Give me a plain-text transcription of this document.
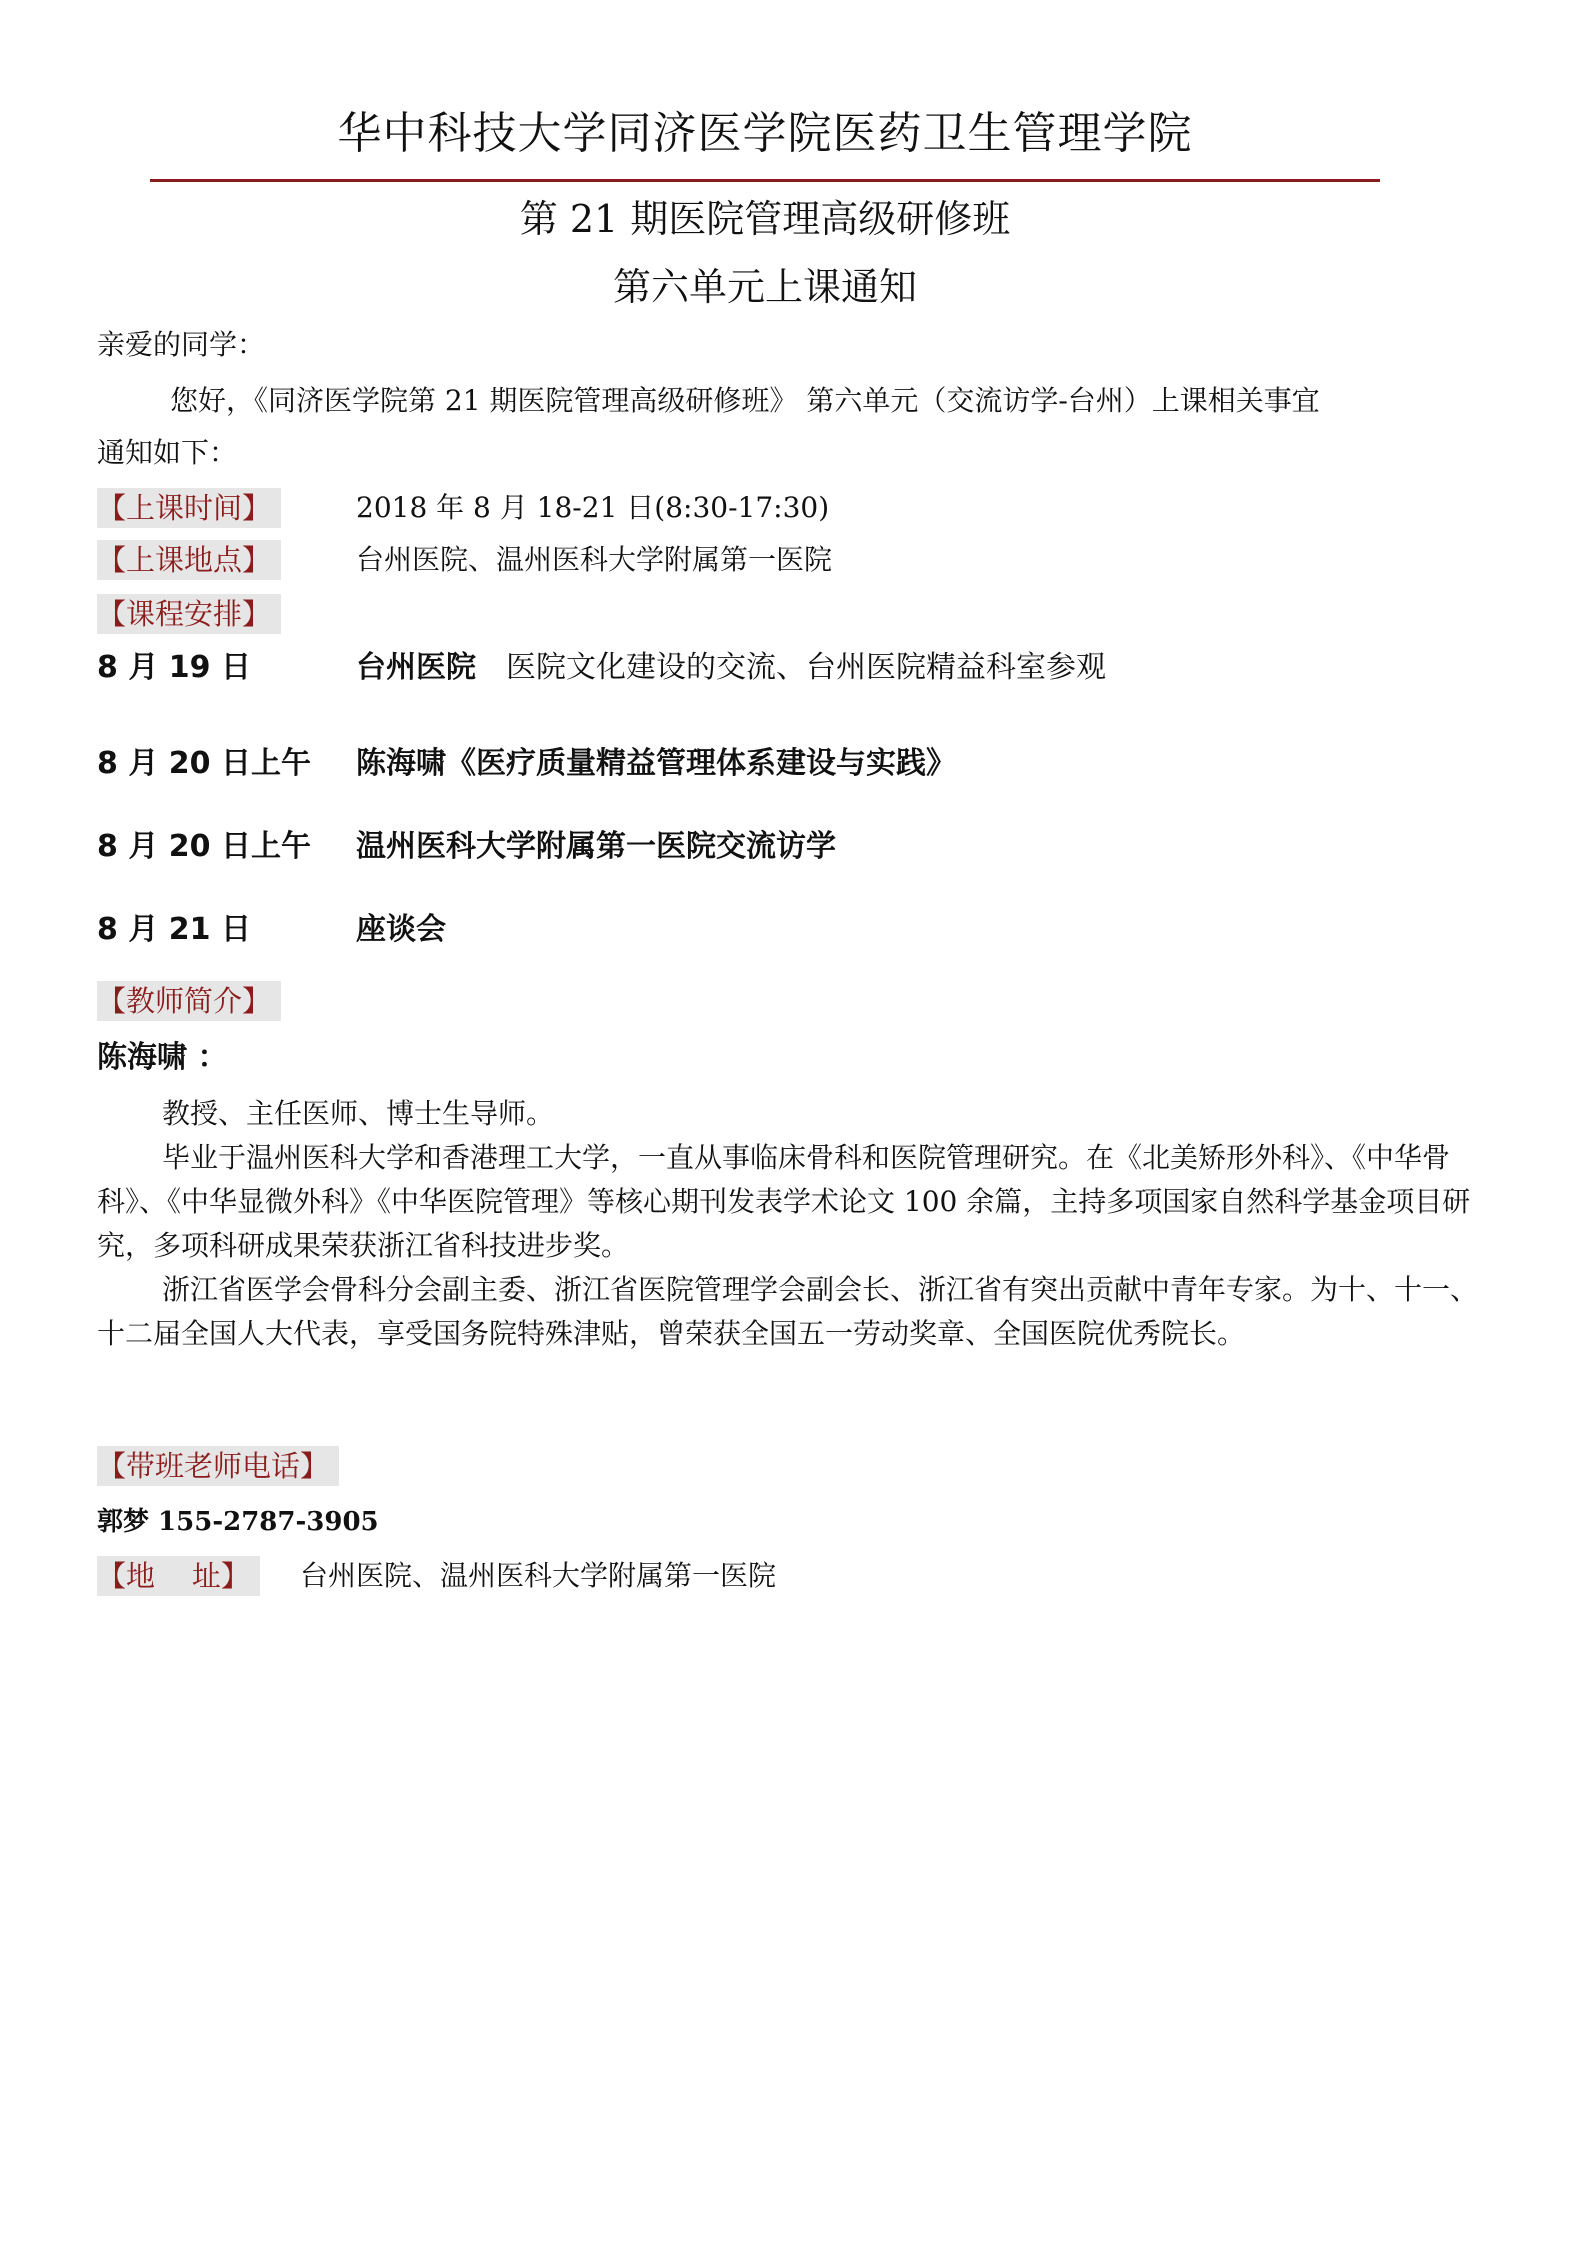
华中科技大学同济医学院医药卫生管理学院
第 21 期医院管理高级研修班
第六单元上课通知
亲爱的同学：
您好，《同济医学院第 21 期医院管理高级研修班》 第六单元（交流访学-台州）上课相关事宜
通知如下：
【上课时间】	2018 年 8 月 18-21 日(8:30-17:30)
【上课地点】	台州医院、温州医科大学附属第一医院
【课程安排】
8 月 19 日	台州医院 医院文化建设的交流、台州医院精益科室参观
8 月 20 日上午 陈海啸《医疗质量精益管理体系建设与实践》
8 月 20 日上午 温州医科大学附属第一医院交流访学
8 月 21 日	座谈会
【教师简介】
陈海啸 ：

教授、主任医师、博士生导师。

毕业于温州医科大学和香港理工大学，一直从事临床骨科和医院管理研究。在《北美矫形外科》、《中华骨科》、《中华显微外科》《中华医院管理》等核心期刊发表学术论文 100 余篇，主持多项国家自然科学基金项目研究，多项科研成果荣获浙江省科技进步奖。

浙江省医学会骨科分会副主委、浙江省医院管理学会副会长、浙江省有突出贡献中青年专家。为十、十一、十二届全国人大代表，享受国务院特殊津贴，曾荣获全国五一劳动奖章、全国医院优秀院长。

【带班老师电话】
郭梦 155-2787-3905
【地    址】	台州医院、温州医科大学附属第一医院
